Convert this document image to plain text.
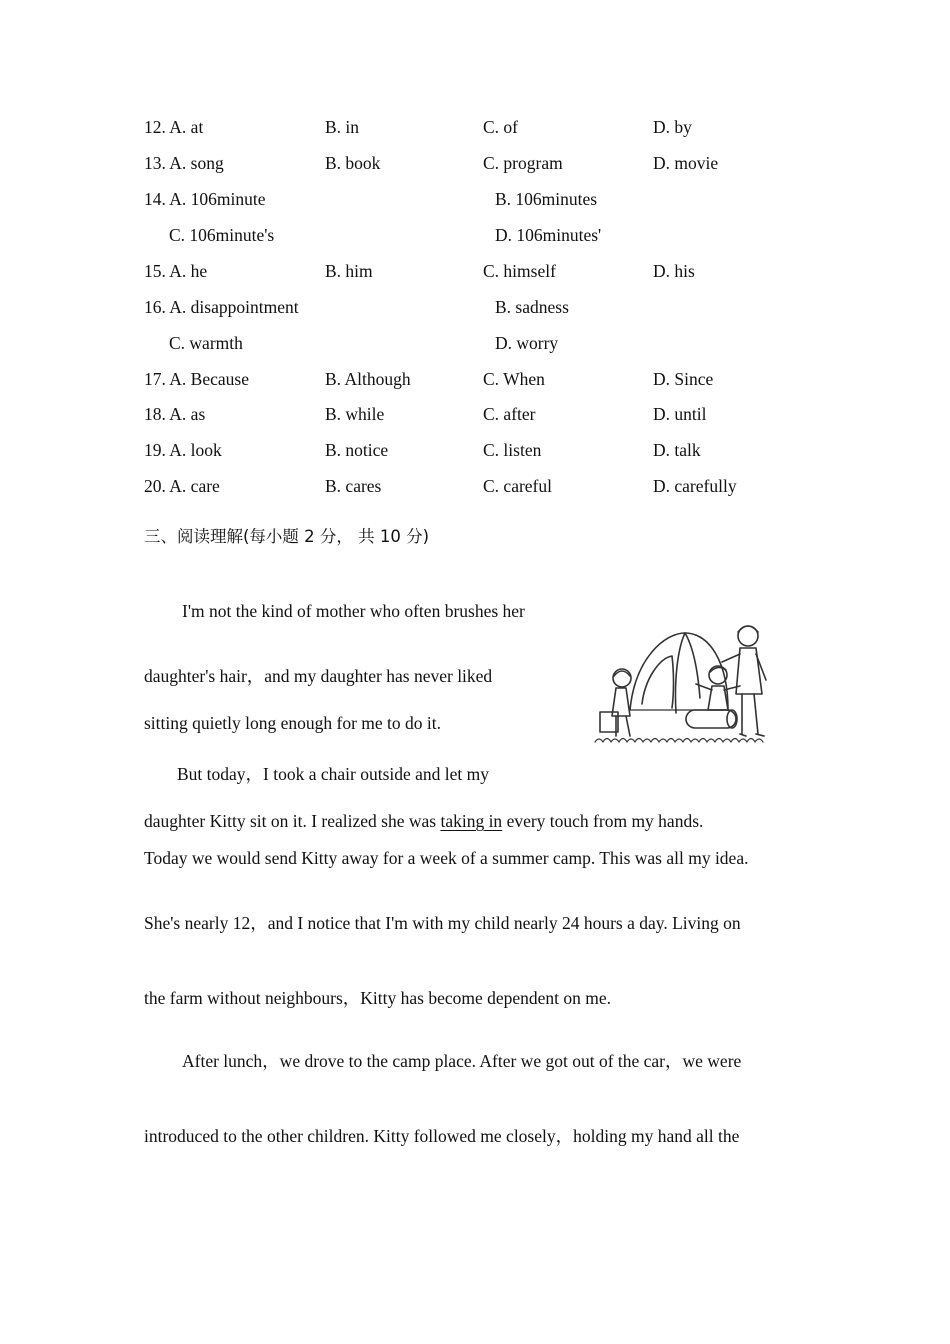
12. A. at	B. in	C. of	D. by
13. A. song	B. book	C. program	D. movie
14. A. 106minute	B. 106minutes
C. 106minute's	D. 106minutes'
15. A. he	B. him	C. himself	D. his
16. A. disappointment	B. sadness
C. warmth	D. worry
17. A. Because	B. Although	C. When	D. Since
18. A. as	B. while	C. after	D. until
19. A. look	B. notice	C. listen	D. talk
20. A. care	B. cares	C. careful	D. carefully
三、阅读理解(每小题 2 分， 共 10 分)
I'm not the kind of mother who often brushes her
daughter's hair，and my daughter has never liked
sitting quietly long enough for me to do it.
But today，I took a chair outside and let my
daughter Kitty sit on it. I realized she was taking in every touch from my hands.
Today we would send Kitty away for a week of a summer camp. This was all my idea.
She's nearly 12，and I notice that I'm with my child nearly 24 hours a day. Living on
the farm without neighbours，Kitty has become dependent on me.
After lunch，we drove to the camp place. After we got out of the car，we were
introduced to the other children. Kitty followed me closely，holding my hand all the
